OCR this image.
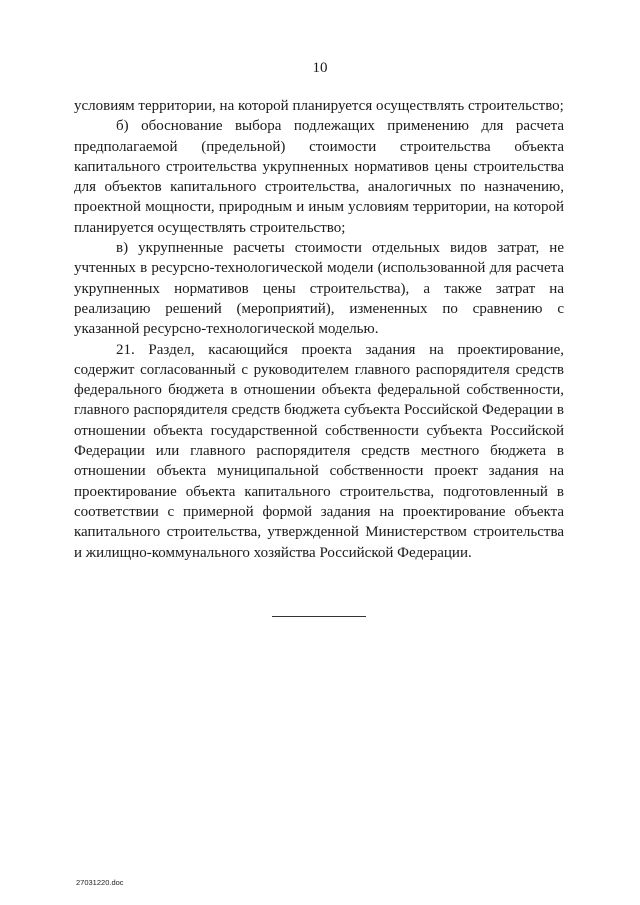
10

условиям территории, на которой планируется осуществлять строительство;

б) обоснование выбора подлежащих применению для расчета предполагаемой (предельной) стоимости строительства объекта капитального строительства укрупненных нормативов цены строительства для объектов капитального строительства, аналогичных по назначению, проектной мощности, природным и иным условиям территории, на которой планируется осуществлять строительство;

в) укрупненные расчеты стоимости отдельных видов затрат, не учтенных в ресурсно-технологической модели (использованной для расчета укрупненных нормативов цены строительства), а также затрат на реализацию решений (мероприятий), измененных по сравнению с указанной ресурсно-технологической моделью.

21. Раздел, касающийся проекта задания на проектирование, содержит согласованный с руководителем главного распорядителя средств федерального бюджета в отношении объекта федеральной собственности, главного распорядителя средств бюджета субъекта Российской Федерации в отношении объекта государственной собственности субъекта Российской Федерации или главного распорядителя средств местного бюджета в отношении объекта муниципальной собственности проект задания на проектирование объекта капитального строительства, подготовленный в соответствии с примерной формой задания на проектирование объекта капитального строительства, утвержденной Министерством строительства и жилищно-коммунального хозяйства Российской Федерации.

27031220.doc
